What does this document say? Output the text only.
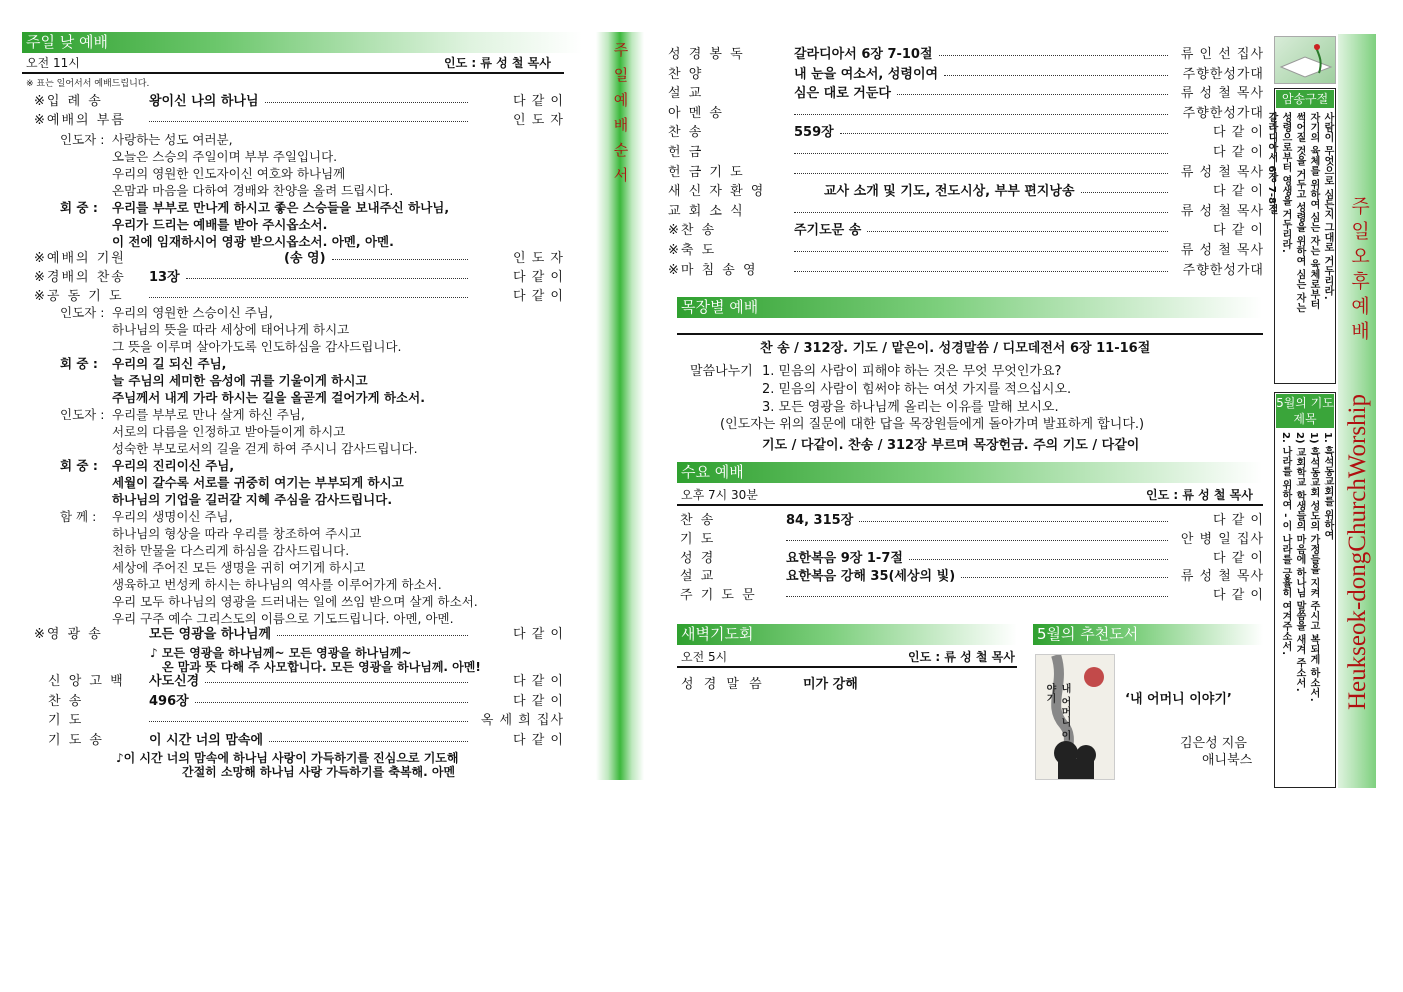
주일 낮 예배
오전 11시	인도 : 류 성 철 목사
※ 표는 일어서서 예배드립니다.
※입 례 송	왕이신 나의 하나님	다 같 이
※예배의 부름	인 도 자
인도자 : 사랑하는 성도 여러분,
오늘은 스승의 주일이며 부부 주일입니다.
우리의 영원한 인도자이신 여호와 하나님께
온맘과 마음을 다하여 경배와 찬양을 올려 드립시다.
회 중 : 우리를 부부로 만나게 하시고 좋은 스승들을 보내주신 하나님,
우리가 드리는 예배를 받아 주시옵소서.
이 전에 임재하시어 영광 받으시옵소서. 아멘, 아멘.
※예배의 기원	(송 영)	인 도 자
※경배의 찬송 13장	다 같 이
※공 동 기 도	다 같 이
인도자 : 우리의 영원한 스승이신 주님,
하나님의 뜻을 따라 세상에 태어나게 하시고
그 뜻을 이루며 살아가도록 인도하심을 감사드립니다.
회 중 : 우리의 길 되신 주님,
늘 주님의 세미한 음성에 귀를 기울이게 하시고
주님께서 내게 가라 하시는 길을 올곧게 걸어가게 하소서.
인도자 : 우리를 부부로 만나 살게 하신 주님,
서로의 다름을 인정하고 받아들이게 하시고
성숙한 부모로서의 길을 걷게 하여 주시니 감사드립니다.
회 중 : 우리의 진리이신 주님,
세월이 갈수록 서로를 귀중히 여기는 부부되게 하시고
하나님의 기업을 길러갈 지혜 주심을 감사드립니다.
함 께 : 우리의 생명이신 주님,
하나님의 형상을 따라 우리를 창조하여 주시고
천하 만물을 다스리게 하심을 감사드립니다.
세상에 주어진 모든 생명을 귀히 여기게 하시고
생육하고 번성케 하시는 하나님의 역사를 이루어가게 하소서.
우리 모두 하나님의 영광을 드러내는 일에 쓰임 받으며 살게 하소서.
우리 구주 예수 그리스도의 이름으로 기도드립니다. 아멘, 아멘.
※영 광 송	모든 영광을 하나님께	다 같 이
♪ 모든 영광을 하나님께~ 모든 영광을 하나님께~
온 맘과 뜻 다해 주 사모합니다. 모든 영광을 하나님께. 아멘!
신 앙 고 백 사도신경	다 같 이
찬 송	496장	다 같 이
기 도	옥 세 희 집사
기 도 송	이 시간 너의 맘속에	다 같 이
♪이 시간 너의 맘속에 하나님 사랑이 가득하기를 진심으로 기도해
간절히 소망해 하나님 사랑 가득하기를 축복해. 아멘
주
일
예
배
순
서
성 경 봉 독	갈라디아서 6장 7-10절	류 인 선 집사
찬 양	내 눈을 여소서, 성령이여	주향한성가대
설 교	심은 대로 거둔다	류 성 철 목사
아 멘 송	주향한성가대
찬 송	559장	다 같 이
헌 금	다 같 이
헌 금 기 도	류 성 철 목사
새 신 자 환 영	교사 소개 및 기도, 전도시상, 부부 편지낭송	다 같 이
교 회 소 식	류 성 철 목사
※찬 송	주기도문 송	다 같 이
※축 도	류 성 철 목사
※마 침 송 영	주향한성가대
찬 송	84, 315장	다 같 이
기 도	안 병 일 집사
성 경	요한복음 9장 1-7절	다 같 이
설 교	요한복음 강해 35(세상의 빛)	류 성 철 목사
주 기 도 문	다 같 이
목장별 예배
찬 송 / 312장. 기도 / 맡은이. 성경말씀 / 디모데전서 6장 11-16절
말씀나누기 1. 믿음의 사람이 피해야 하는 것은 무엇 무엇인가요?
2. 믿음의 사람이 힘써야 하는 여섯 가지를 적으십시오.
3. 모든 영광을 하나님께 올리는 이유를 말해 보시오.
(인도자는 위의 질문에 대한 답을 목장원들에게 돌아가며 발표하게 합니다.)
기도 / 다같이. 찬송 / 312장 부르며 목장헌금. 주의 기도 / 다같이
수요 예배
오후 7시 30분	인도 : 류 성 철 목사
새벽기도회
오전 5시	인도 : 류 성 철 목사
성 경 말 씀	미가 강해
5월의 추천도서
내 어머니 이야기	‘내 어머니 이야기’
김은성 지음
애니북스
암송구절
사람이 무엇으로 심든지 그대로 거두리라.
자기의 육체를 위하여 심는 자는 육체로부터
썩어질 것을 거두고 성령을 위하여 심는 자는
성령으로부터 영생을 거두리라.
갈라디아서 6장 7-8절
5월의 기도제목
1. 흑석동교회를 위하여
1) 흑석동교회 성도의 가정들을 지켜 주시고 복되게 하소서.
2) 교회학교 학생들의 마음에 하나님 말씀을 새겨 주소서.
2. 나라를 위하여 - 이 나라를 긍휼히 여겨주소서.
주일오후예배
Heukseok-dongChurchWorship
